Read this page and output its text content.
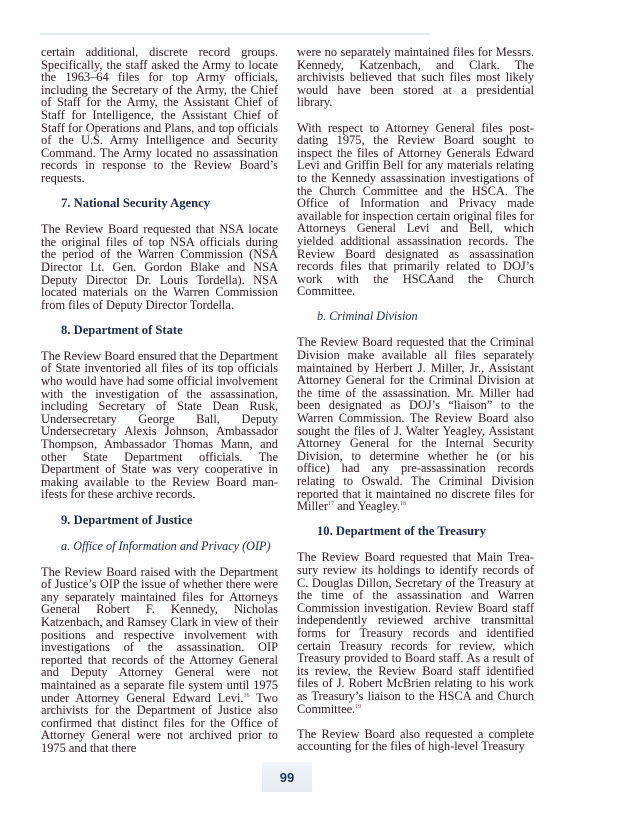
certain additional, discrete record groups. Specifically, the staff asked the Army to locate the 1963–64 files for top Army officials, including the Secretary of the Army, the Chief of Staff for the Army, the Assistant Chief of Staff for Intelligence, the Assistant Chief of Staff for Operations and Plans, and top officials of the U.S. Army Intelligence and Security Command. The Army located no assassination records in response to the Review Board’s requests.

7. National Security Agency

The Review Board requested that NSA locate the original files of top NSA officials during the period of the Warren Commission (NSA Director Lt. Gen. Gordon Blake and NSA Deputy Director Dr. Louis Tordella). NSA located materials on the Warren Commission from files of Deputy Director Tordella.

8. Department of State

The Review Board ensured that the Department of State inventoried all files of its top officials who would have had some official involvement with the investigation of the assassination, including Secretary of State Dean Rusk, Undersecretary George Ball, Deputy Undersecretary Alexis Johnson, Ambassador Thompson, Ambassador Thomas Mann, and other State Department officials. The Department of State was very cooperative in making available to the Review Board manifests for these archive records.

9. Department of Justice
a. Office of Information and Privacy (OIP)

The Review Board raised with the Department of Justice’s OIP the issue of whether there were any separately maintained files for Attorneys General Robert F. Kennedy, Nicholas Katzenbach, and Ramsey Clark in view of their positions and respective involvement with investigations of the assassination. OIP reported that records of the Attorney General and Deputy Attorney General were not maintained as a separate file system until 1975 under Attorney General Edward Levi.$^{16}$ Two archivists for the Department of Justice also confirmed that distinct files for the Office of Attorney General were not archived prior to 1975 and that there

were no separately maintained files for Messrs. Kennedy, Katzenbach, and Clark. The archivists believed that such files most likely would have been stored at a presidential library.

With respect to Attorney General files postdating 1975, the Review Board sought to inspect the files of Attorney Generals Edward Levi and Griffin Bell for any materials relating to the Kennedy assassination investigations of the Church Committee and the HSCA. The Office of Information and Privacy made available for inspection certain original files for Attorneys General Levi and Bell, which yielded additional assassination records. The Review Board designated as assassination records files that primarily related to DOJ’s work with the HSCAand the Church Committee.

b. Criminal Division

The Review Board requested that the Criminal Division make available all files separately maintained by Herbert J. Miller, Jr., Assistant Attorney General for the Criminal Division at the time of the assassination. Mr. Miller had been designated as DOJ’s “liaison” to the Warren Commission. The Review Board also sought the files of J. Walter Yeagley, Assistant Attorney General for the Internal Security Division, to determine whether he (or his office) had any pre-assassination records relating to Oswald. The Criminal Division reported that it maintained no discrete files for Miller$^{17}$ and Yeagley.$^{18}$

10. Department of the Treasury

The Review Board requested that Main Treasury review its holdings to identify records of C. Douglas Dillon, Secretary of the Treasury at the time of the assassination and Warren Commission investigation. Review Board staff independently reviewed archive transmittal forms for Treasury records and identified certain Treasury records for review, which Treasury provided to Board staff. As a result of its review, the Review Board staff identified files of J. Robert McBrien relating to his work as Treasury’s liaison to the HSCA and Church Committee.$^{19}$

The Review Board also requested a complete accounting for the files of high-level Treasury

99
